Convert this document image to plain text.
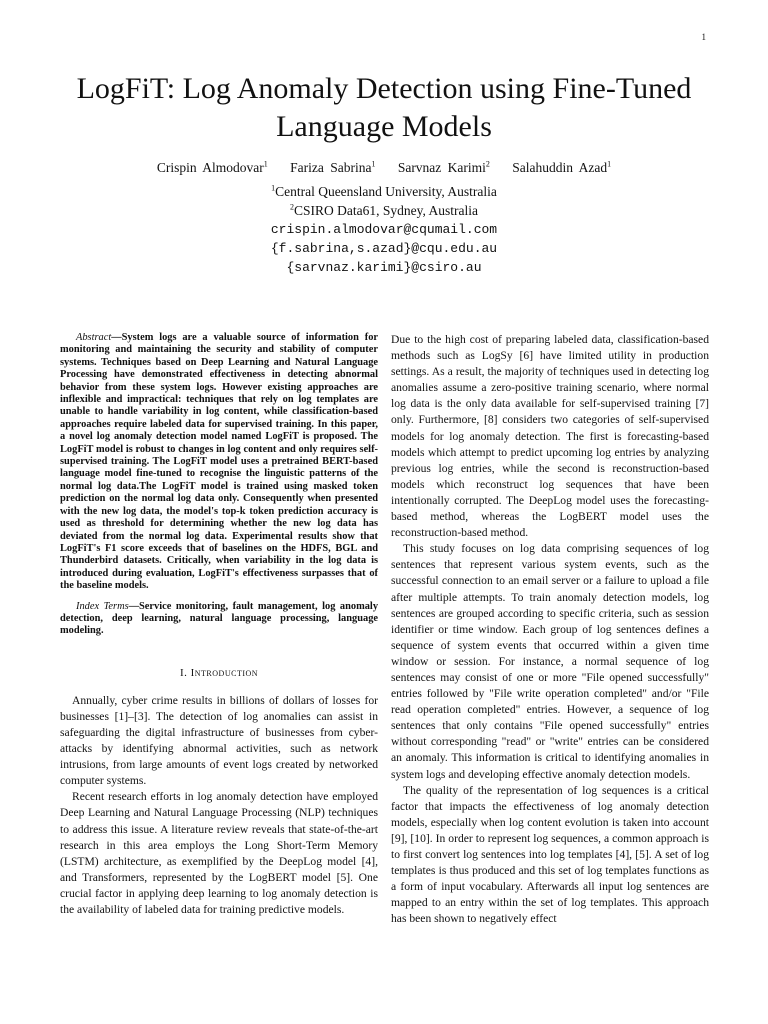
1
LogFiT: Log Anomaly Detection using Fine-Tuned Language Models
Crispin Almodovar$^1$ Fariza Sabrina$^1$ Sarvnaz Karimi$^2$ Salahuddin Azad$^1$
$^1$Central Queensland University, Australia
$^2$CSIRO Data61, Sydney, Australia
crispin.almodovar@cqumail.com
{f.sabrina,s.azad}@cqu.edu.au
{sarvnaz.karimi}@csiro.au

Abstract—System logs are a valuable source of information for monitoring and maintaining the security and stability of computer systems. Techniques based on Deep Learning and Natural Language Processing have demonstrated effectiveness in detecting abnormal behavior from these system logs. However existing approaches are inflexible and impractical: techniques that rely on log templates are unable to handle variability in log content, while classification-based approaches require labeled data for supervised training. In this paper, a novel log anomaly detection model named LogFiT is proposed. The LogFiT model is robust to changes in log content and only requires self-supervised training. The LogFiT model uses a pretrained BERT-based language model fine-tuned to recognise the linguistic patterns of the normal log data.The LogFiT model is trained using masked token prediction on the normal log data only. Consequently when presented with the new log data, the model's top-k token prediction accuracy is used as threshold for determining whether the new log data has deviated from the normal log data. Experimental results show that LogFiT's F1 score exceeds that of baselines on the HDFS, BGL and Thunderbird datasets. Critically, when variability in the log data is introduced during evaluation, LogFiT's effectiveness surpasses that of the baseline models.

Index Terms—Service monitoring, fault management, log anomaly detection, deep learning, natural language processing, language modeling.

I. Introduction

Annually, cyber crime results in billions of dollars of losses for businesses [1]–[3]. The detection of log anomalies can assist in safeguarding the digital infrastructure of businesses from cyber-attacks by identifying abnormal activities, such as network intrusions, from large amounts of event logs created by networked computer systems.

Recent research efforts in log anomaly detection have employed Deep Learning and Natural Language Processing (NLP) techniques to address this issue. A literature review reveals that state-of-the-art research in this area employs the Long Short-Term Memory (LSTM) architecture, as exemplified by the DeepLog model [4], and Transformers, represented by the LogBERT model [5]. One crucial factor in applying deep learning to log anomaly detection is the availability of labeled data for training predictive models.

Due to the high cost of preparing labeled data, classification-based methods such as LogSy [6] have limited utility in production settings. As a result, the majority of techniques used in detecting log anomalies assume a zero-positive training scenario, where normal log data is the only data available for self-supervised training [7] only. Furthermore, [8] considers two categories of self-supervised models for log anomaly detection. The first is forecasting-based models which attempt to predict upcoming log entries by analyzing previous log entries, while the second is reconstruction-based models which reconstruct log sequences that have been intentionally corrupted. The DeepLog model uses the forecasting-based method, whereas the LogBERT model uses the reconstruction-based method.

This study focuses on log data comprising sequences of log sentences that represent various system events, such as the successful connection to an email server or a failure to upload a file after multiple attempts. To train anomaly detection models, log sentences are grouped according to specific criteria, such as session identifier or time window. Each group of log sentences defines a sequence of system events that occurred within a given time window or session. For instance, a normal sequence of log sentences may consist of one or more "File opened successfully" entries followed by "File write operation completed" and/or "File read operation completed" entries. However, a sequence of log sentences that only contains "File opened successfully" entries without corresponding "read" or "write" entries can be considered an anomaly. This information is critical to identifying anomalies in system logs and developing effective anomaly detection models.

The quality of the representation of log sequences is a critical factor that impacts the effectiveness of log anomaly detection models, especially when log content evolution is taken into account [9], [10]. In order to represent log sequences, a common approach is to first convert log sentences into log templates [4], [5]. A set of log templates is thus produced and this set of log templates functions as a form of input vocabulary. Afterwards all input log sentences are mapped to an entry within the set of log templates. This approach has been shown to negatively effect
